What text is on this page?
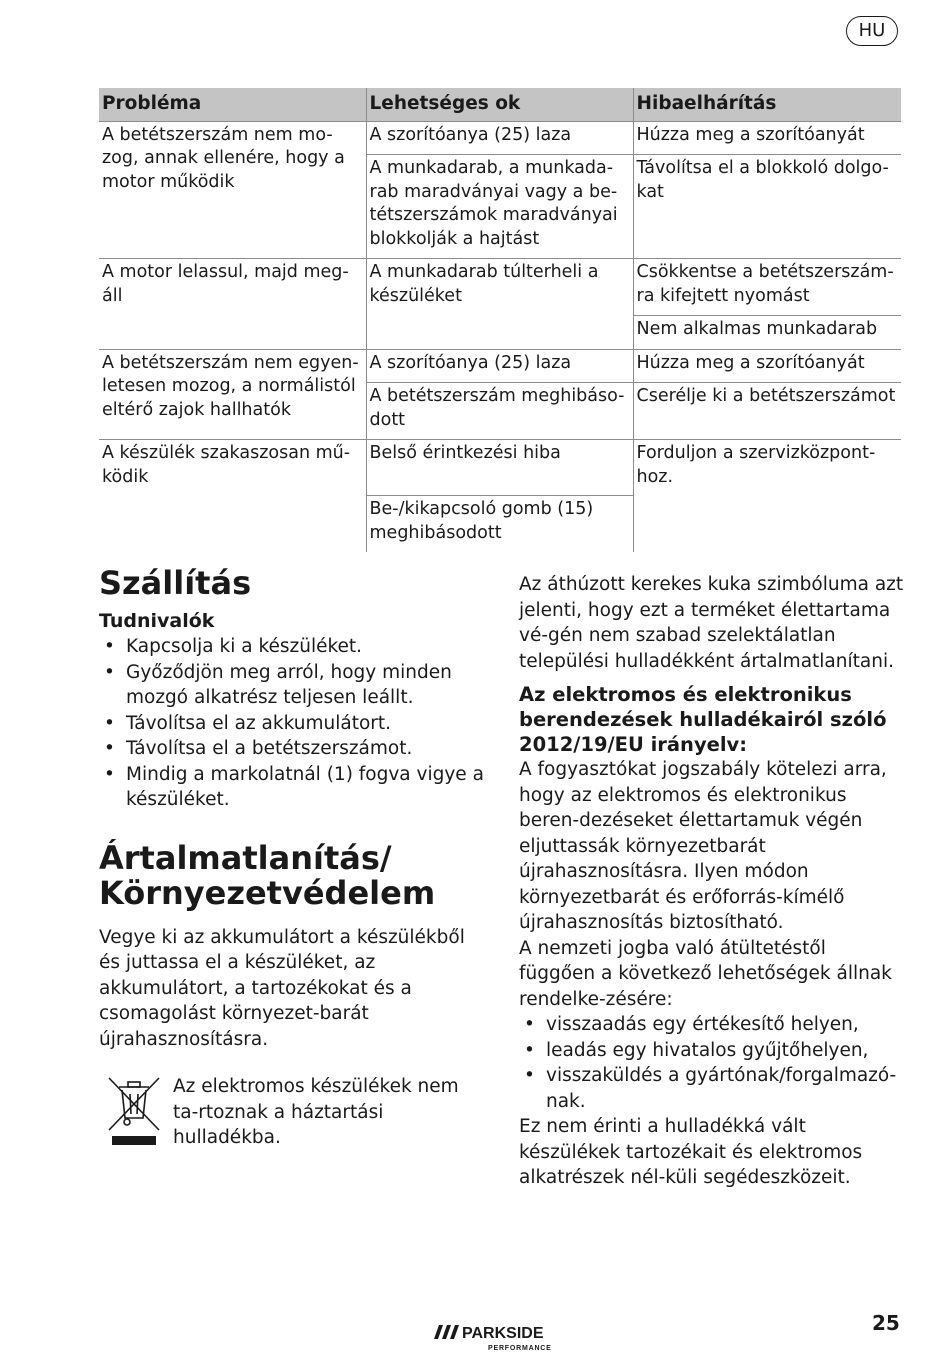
HU
Probléma	Lehetséges ok	Hibaelhárítás
A betétszerszám nem mo-zog, annak ellenére, hogy a motor működik	A szorítóanya (25) laza	Húzza meg a szorítóanyát
	A munkadarab, a munkada-rab maradványai vagy a be-tétszerszámok maradványai blokkolják a hajtást	Távolítsa el a blokkoló dolgo-kat
A motor lelassul, majd meg-áll	A munkadarab túlterheli a készüléket	Csökkentse a betétszerszám-ra kifejtett nyomást
		Nem alkalmas munkadarab
A betétszerszám nem egyen-letesen mozog, a normálistól eltérő zajok hallhatók	A szorítóanya (25) laza	Húzza meg a szorítóanyát
	A betétszerszám meghibáso-dott	Cserélje ki a betétszerszámot
A készülék szakaszosan mű-ködik	Belső érintkezési hiba	Forduljon a szervizközpont-hoz.
	Be-/kikapcsoló gomb (15) meghibásodott	
Szállítás
Tudnivalók
• Kapcsolja ki a készüléket.
• Győződjön meg arról, hogy minden mozgó alkatrész teljesen leállt.
• Távolítsa el az akkumulátort.
• Távolítsa el a betétszerszámot.
• Mindig a markolatnál (1) fogva vigye a készüléket.
Ártalmatlanítás/
Környezetvédelem

Vegye ki az akkumulátort a készülékből és juttassa el a készüléket, az akkumulátort, a tartozékokat és a csomagolást környezet-barát újrahasznosításra.

Az elektromos készülékek nem ta-rtoznak a háztartási hulladékba.

Az áthúzott kerekes kuka szimbóluma azt jelenti, hogy ezt a terméket élettartama vé-gén nem szabad szelektálatlan települési hulladékként ártalmatlanítani.

Az elektromos és elektronikus berendezések hulladékairól szóló 2012/19/EU irányelv:

A fogyasztókat jogszabály kötelezi arra, hogy az elektromos és elektronikus beren-dezéseket élettartamuk végén eljuttassák környezetbarát újrahasznosításra. Ilyen módon környezetbarát és erőforrás-kímélő újrahasznosítás biztosítható.

A nemzeti jogba való átültetéstől függően a következő lehetőségek állnak rendelke-zésére:

• visszaadás egy értékesítő helyen,
• leadás egy hivatalos gyűjtőhelyen,
• visszaküldés a gyártónak/forgalmazó-nak.

Ez nem érinti a hulladékká vált készülékek tartozékait és elektromos alkatrészek nél-küli segédeszközeit.

PARKSIDE
PERFORMANCE
25
